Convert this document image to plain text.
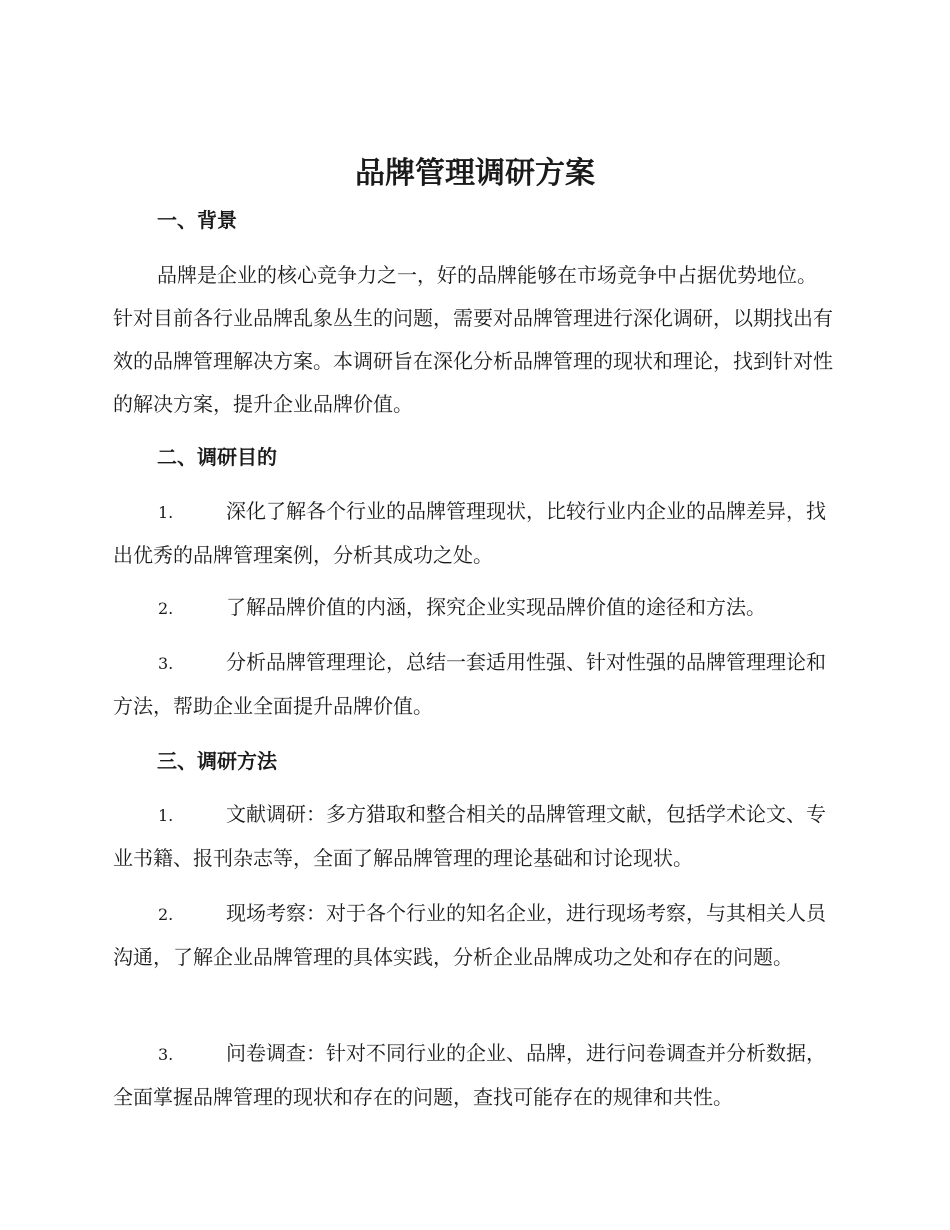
品牌管理调研方案
一、背景

品牌是企业的核心竞争力之一，好的品牌能够在市场竞争中占据优势地位。针对目前各行业品牌乱象丛生的问题，需要对品牌管理进行深化调研，以期找出有效的品牌管理解决方案。本调研旨在深化分析品牌管理的现状和理论，找到针对性的解决方案，提升企业品牌价值。

二、调研目的

1.	深化了解各个行业的品牌管理现状，比较行业内企业的品牌差异，找出优秀的品牌管理案例，分析其成功之处。

2.	了解品牌价值的内涵，探究企业实现品牌价值的途径和方法。

3.	分析品牌管理理论，总结一套适用性强、针对性强的品牌管理理论和方法，帮助企业全面提升品牌价值。

三、调研方法

1.	文献调研：多方猎取和整合相关的品牌管理文献，包括学术论文、专业书籍、报刊杂志等，全面了解品牌管理的理论基础和讨论现状。

2.	现场考察：对于各个行业的知名企业，进行现场考察，与其相关人员沟通，了解企业品牌管理的具体实践，分析企业品牌成功之处和存在的问题。

3.	问卷调查：针对不同行业的企业、品牌，进行问卷调查并分析数据，全面掌握品牌管理的现状和存在的问题，查找可能存在的规律和共性。
